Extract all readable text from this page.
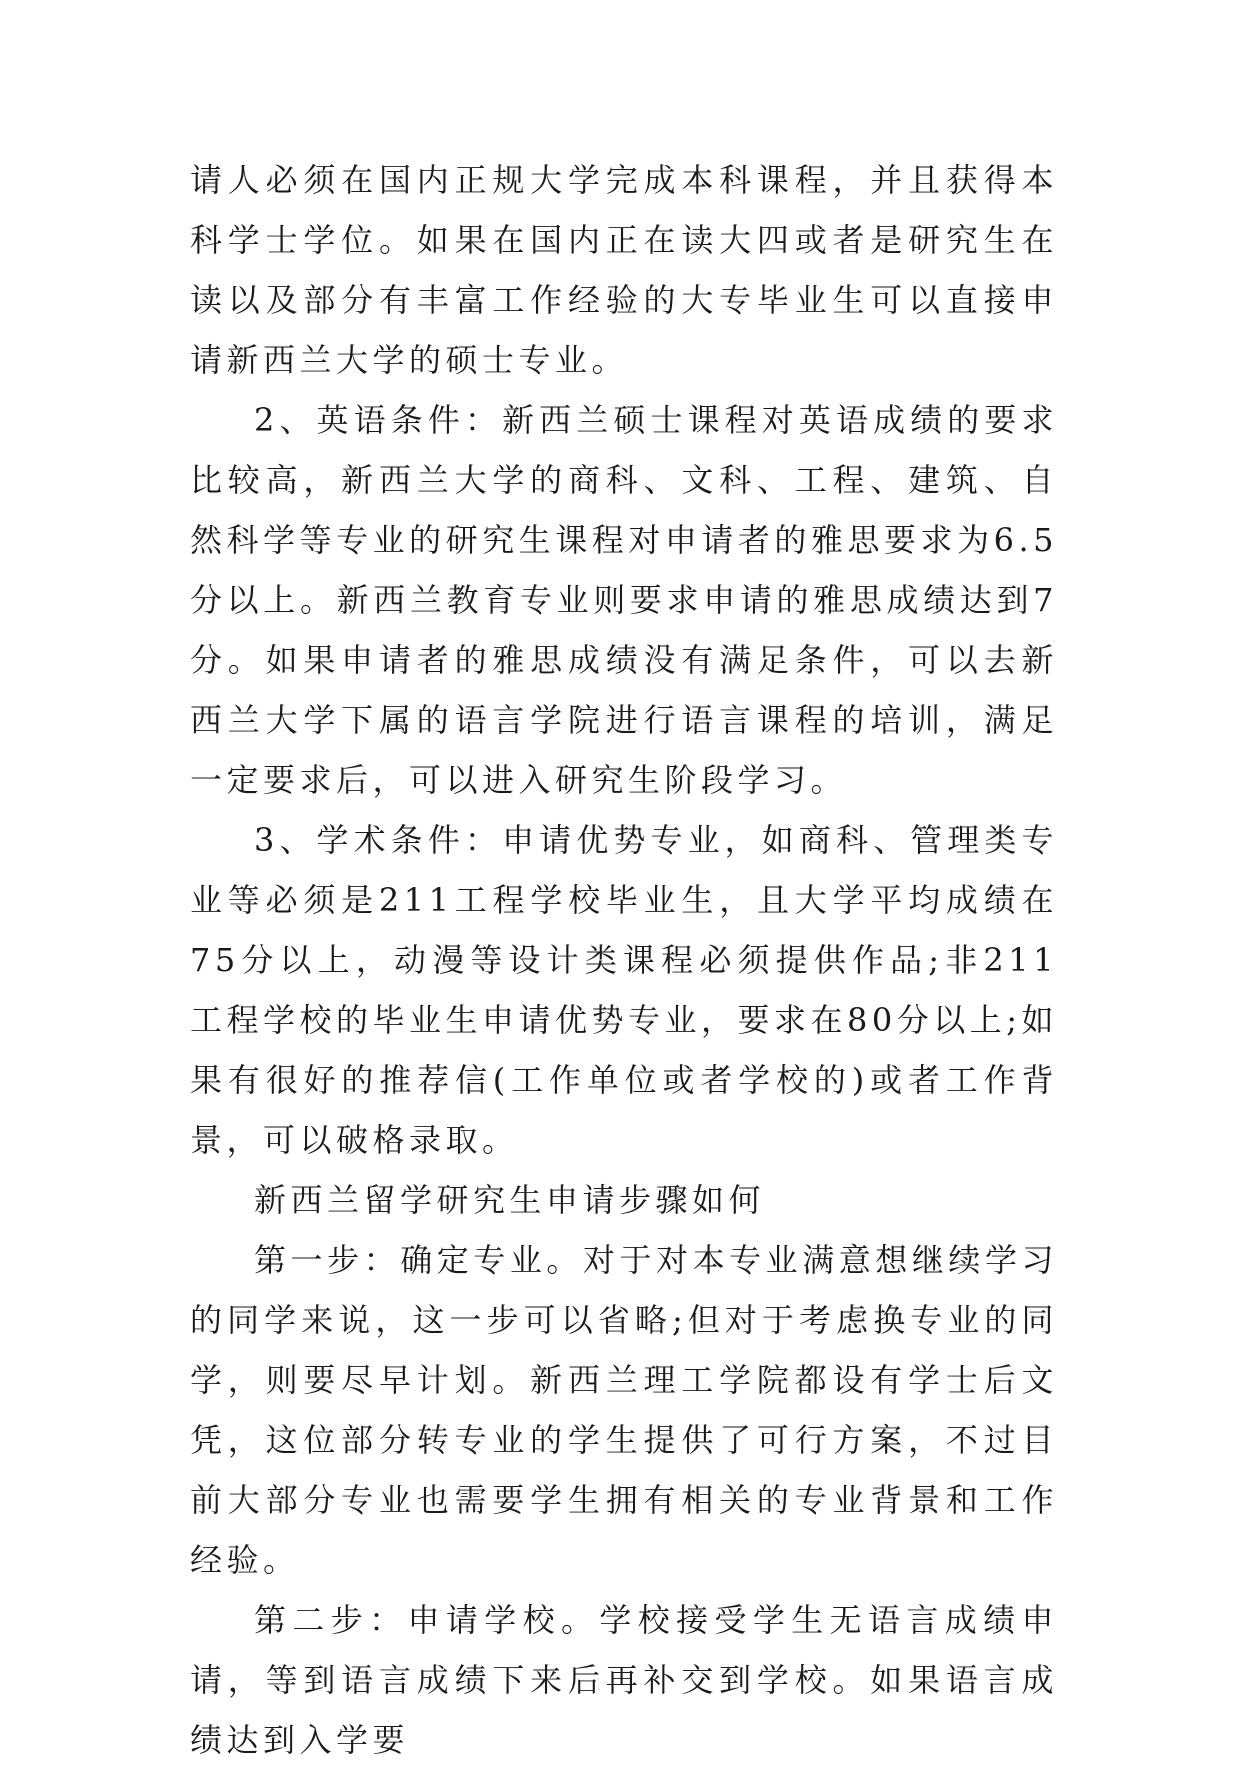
请人必须在国内正规大学完成本科课程，并且获得本科学士学位。如果在国内正在读大四或者是研究生在读以及部分有丰富工作经验的大专毕业生可以直接申请新西兰大学的硕士专业。

2、英语条件：新西兰硕士课程对英语成绩的要求比较高，新西兰大学的商科、文科、工程、建筑、自然科学等专业的研究生课程对申请者的雅思要求为6.5分以上。新西兰教育专业则要求申请的雅思成绩达到7分。如果申请者的雅思成绩没有满足条件，可以去新西兰大学下属的语言学院进行语言课程的培训，满足一定要求后，可以进入研究生阶段学习。

3、学术条件：申请优势专业，如商科、管理类专业等必须是211工程学校毕业生，且大学平均成绩在75分以上，动漫等设计类课程必须提供作品;非211工程学校的毕业生申请优势专业，要求在80分以上;如果有很好的推荐信(工作单位或者学校的)或者工作背景，可以破格录取。

新西兰留学研究生申请步骤如何

第一步：确定专业。对于对本专业满意想继续学习的同学来说，这一步可以省略;但对于考虑换专业的同学，则要尽早计划。新西兰理工学院都设有学士后文凭，这位部分转专业的学生提供了可行方案，不过目前大部分专业也需要学生拥有相关的专业背景和工作经验。

第二步：申请学校。学校接受学生无语言成绩申请，等到语言成绩下来后再补交到学校。如果语言成绩达到入学要
